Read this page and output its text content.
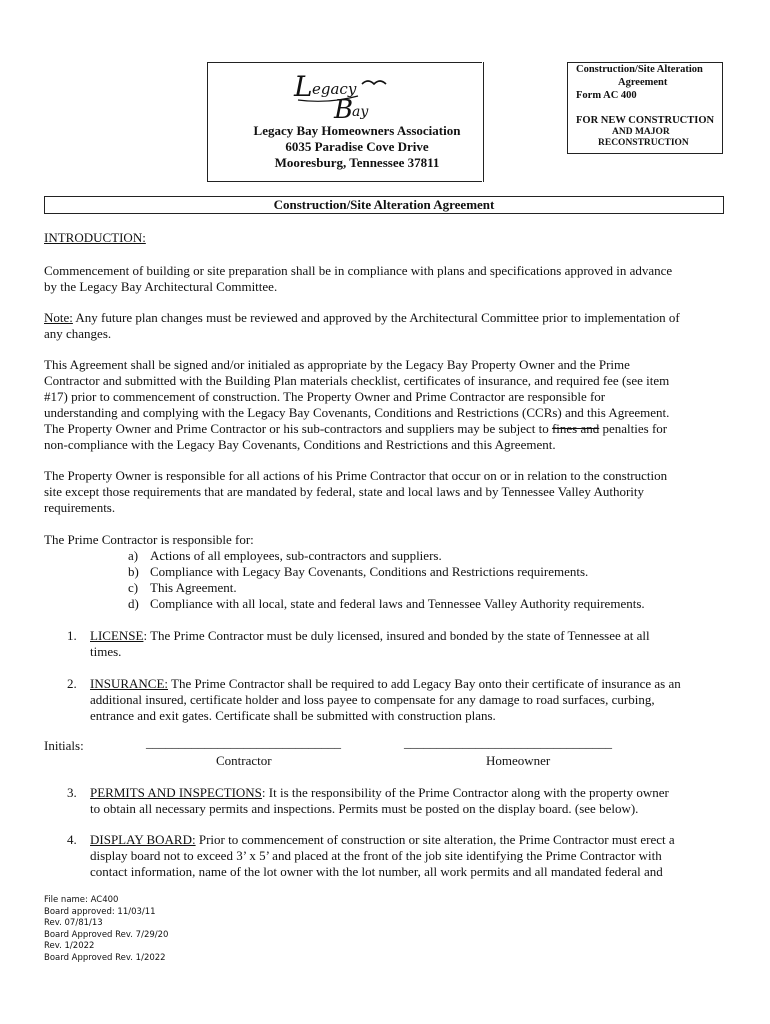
L egacy
B
ay
Legacy Bay Homeowners Association
6035 Paradise Cove Drive
Mooresburg, Tennessee 37811
Construction/Site Alteration
Agreement
Form AC 400
FOR NEW CONSTRUCTION
AND MAJOR
RECONSTRUCTION
Construction/Site Alteration Agreement
INTRODUCTION:
Commencement of building or site preparation shall be in compliance with plans and specifications approved in advance
by the Legacy Bay Architectural Committee.
Note: Any future plan changes must be reviewed and approved by the Architectural Committee prior to implementation of
any changes.
This Agreement shall be signed and/or initialed as appropriate by the Legacy Bay Property Owner and the Prime
Contractor and submitted with the Building Plan materials checklist, certificates of insurance, and required fee (see item
#17) prior to commencement of construction. The Property Owner and Prime Contractor are responsible for
understanding and complying with the Legacy Bay Covenants, Conditions and Restrictions (CCRs) and this Agreement.
The Property Owner and Prime Contractor or his sub-contractors and suppliers may be subject to fines and penalties for
non-compliance with the Legacy Bay Covenants, Conditions and Restrictions and this Agreement.
The Property Owner is responsible for all actions of his Prime Contractor that occur on or in relation to the construction
site except those requirements that are mandated by federal, state and local laws and by Tennessee Valley Authority
requirements.
The Prime Contractor is responsible for:
a) Actions of all employees, sub-contractors and suppliers.
b) Compliance with Legacy Bay Covenants, Conditions and Restrictions requirements.
c) This Agreement.
d) Compliance with all local, state and federal laws and Tennessee Valley Authority requirements.
1. LICENSE: The Prime Contractor must be duly licensed, insured and bonded by the state of Tennessee at all
times.
2. INSURANCE: The Prime Contractor shall be required to add Legacy Bay onto their certificate of insurance as an
additional insured, certificate holder and loss payee to compensate for any damage to road surfaces, curbing,
entrance and exit gates. Certificate shall be submitted with construction plans.
Initials:	______________________________	________________________________
Contractor	Homeowner
3. PERMITS AND INSPECTIONS: It is the responsibility of the Prime Contractor along with the property owner
to obtain all necessary permits and inspections. Permits must be posted on the display board. (see below).
4. DISPLAY BOARD: Prior to commencement of construction or site alteration, the Prime Contractor must erect a
display board not to exceed 3’ x 5’ and placed at the front of the job site identifying the Prime Contractor with
contact information, name of the lot owner with the lot number, all work permits and all mandated federal and
File name: AC400
Board approved: 11/03/11
Rev. 07/81/13
Board Approved Rev. 7/29/20
Rev. 1/2022
Board Approved Rev. 1/2022
